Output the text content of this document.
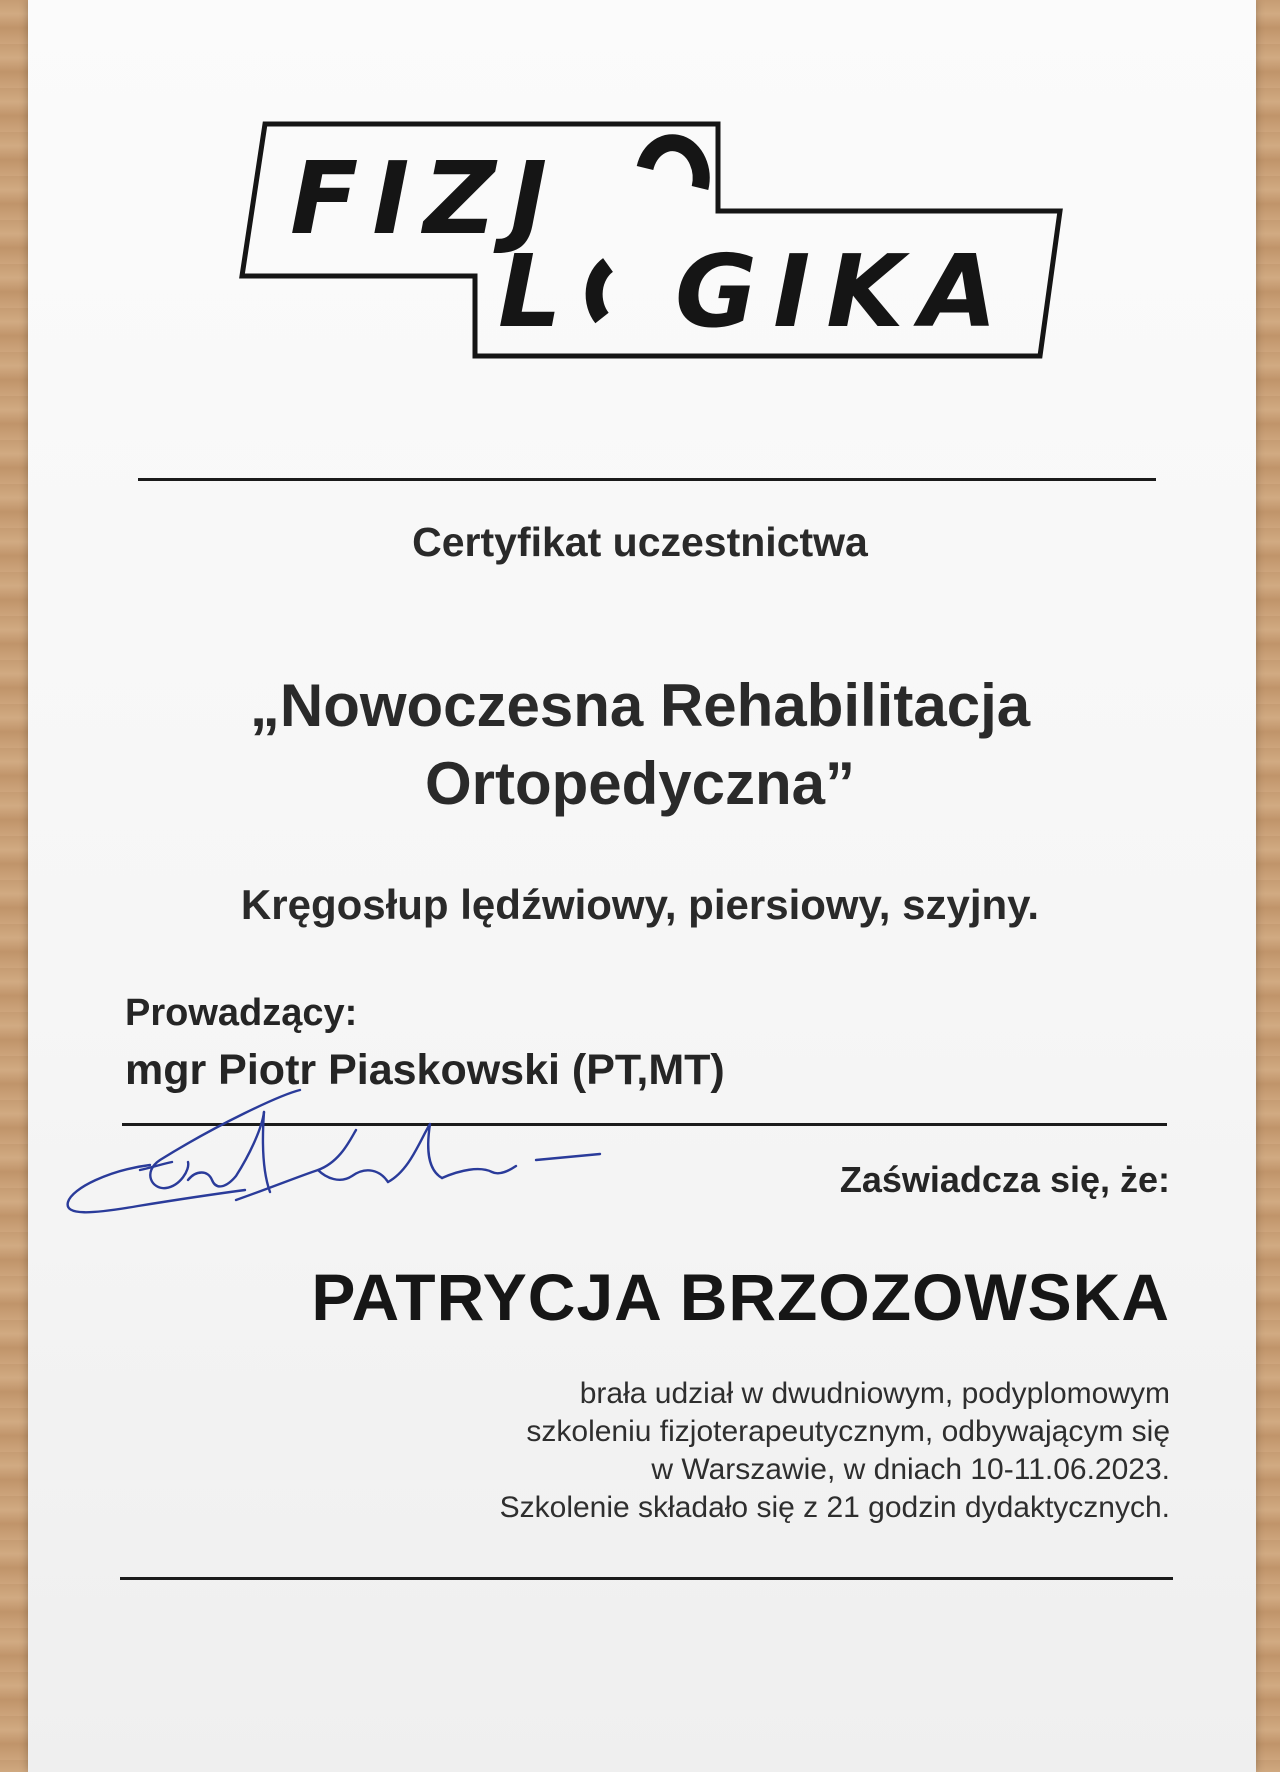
FIZJ
L GIKA
Certyfikat uczestnictwa
„Nowoczesna Rehabilitacja
Ortopedyczna”
Kręgosłup lędźwiowy, piersiowy, szyjny.
Prowadzący:
mgr Piotr Piaskowski (PT,MT)
Zaświadcza się, że:
PATRYCJA BRZOZOWSKA
brała udział w dwudniowym, podyplomowym
szkoleniu fizjoterapeutycznym, odbywającym się
w Warszawie, w dniach 10-11.06.2023.
Szkolenie składało się z 21 godzin dydaktycznych.
